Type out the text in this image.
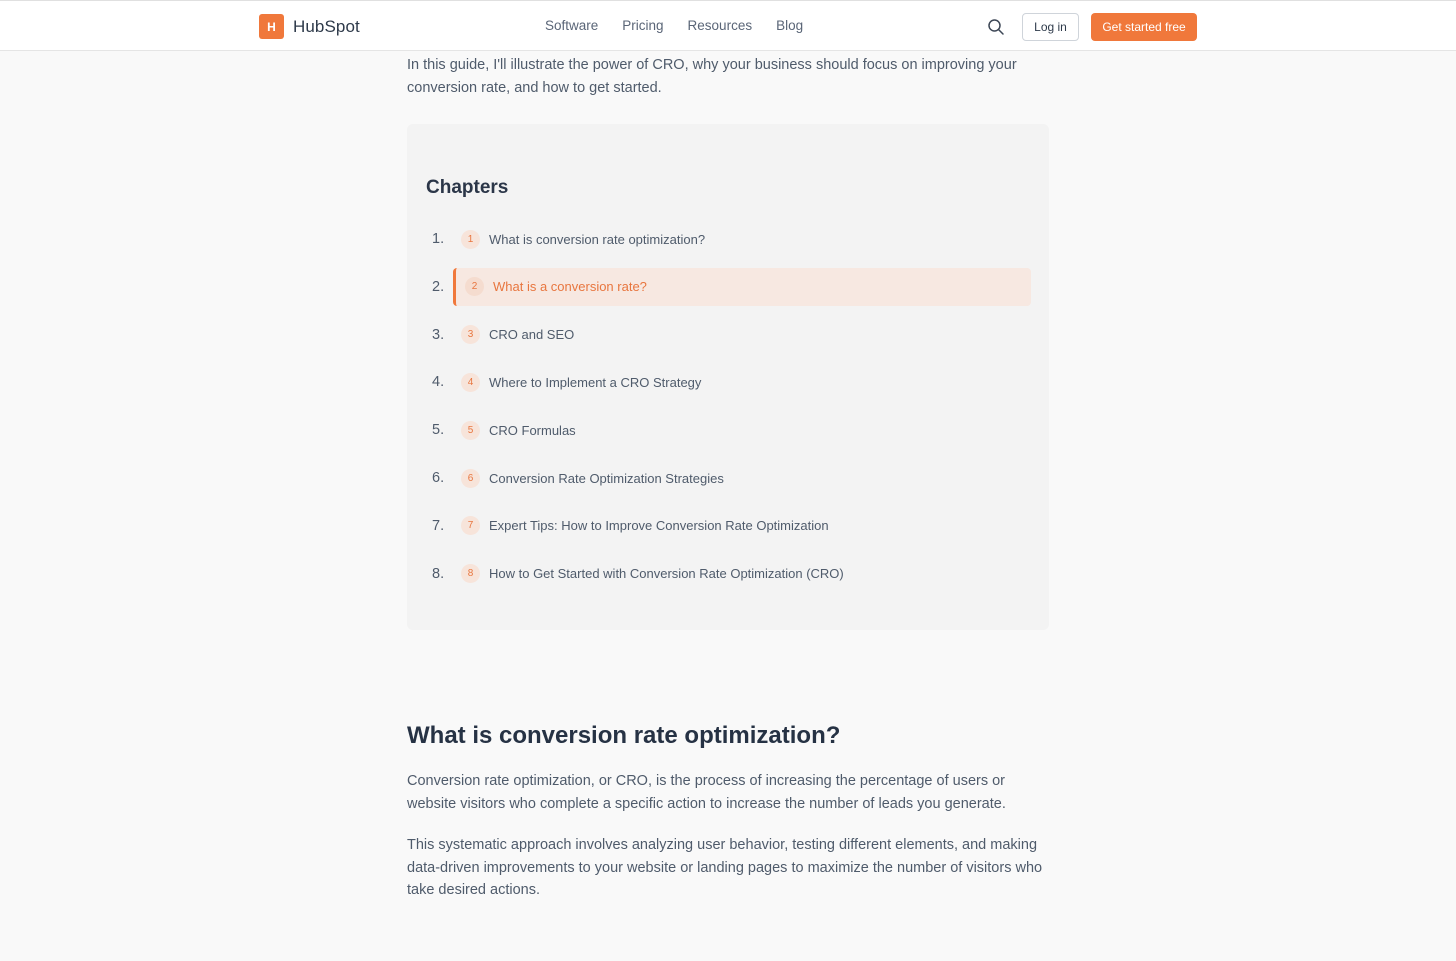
H	HubSpot	Software Pricing Resources Blog	Log in	Get started free

In this guide, I'll illustrate the power of CRO, why your business should focus on improving your conversion rate, and how to get started.

Chapters
1.	1	What is conversion rate optimization?
2.	2	What is a conversion rate?
3.	3	CRO and SEO
4.	4	Where to Implement a CRO Strategy
5.	5	CRO Formulas
6.	6	Conversion Rate Optimization Strategies
7.	7	Expert Tips: How to Improve Conversion Rate Optimization
8.	8	How to Get Started with Conversion Rate Optimization (CRO)
What is conversion rate optimization?

Conversion rate optimization, or CRO, is the process of increasing the percentage of users or website visitors who complete a specific action to increase the number of leads you generate.

This systematic approach involves analyzing user behavior, testing different elements, and making data-driven improvements to your website or landing pages to maximize the number of visitors who take desired actions.
